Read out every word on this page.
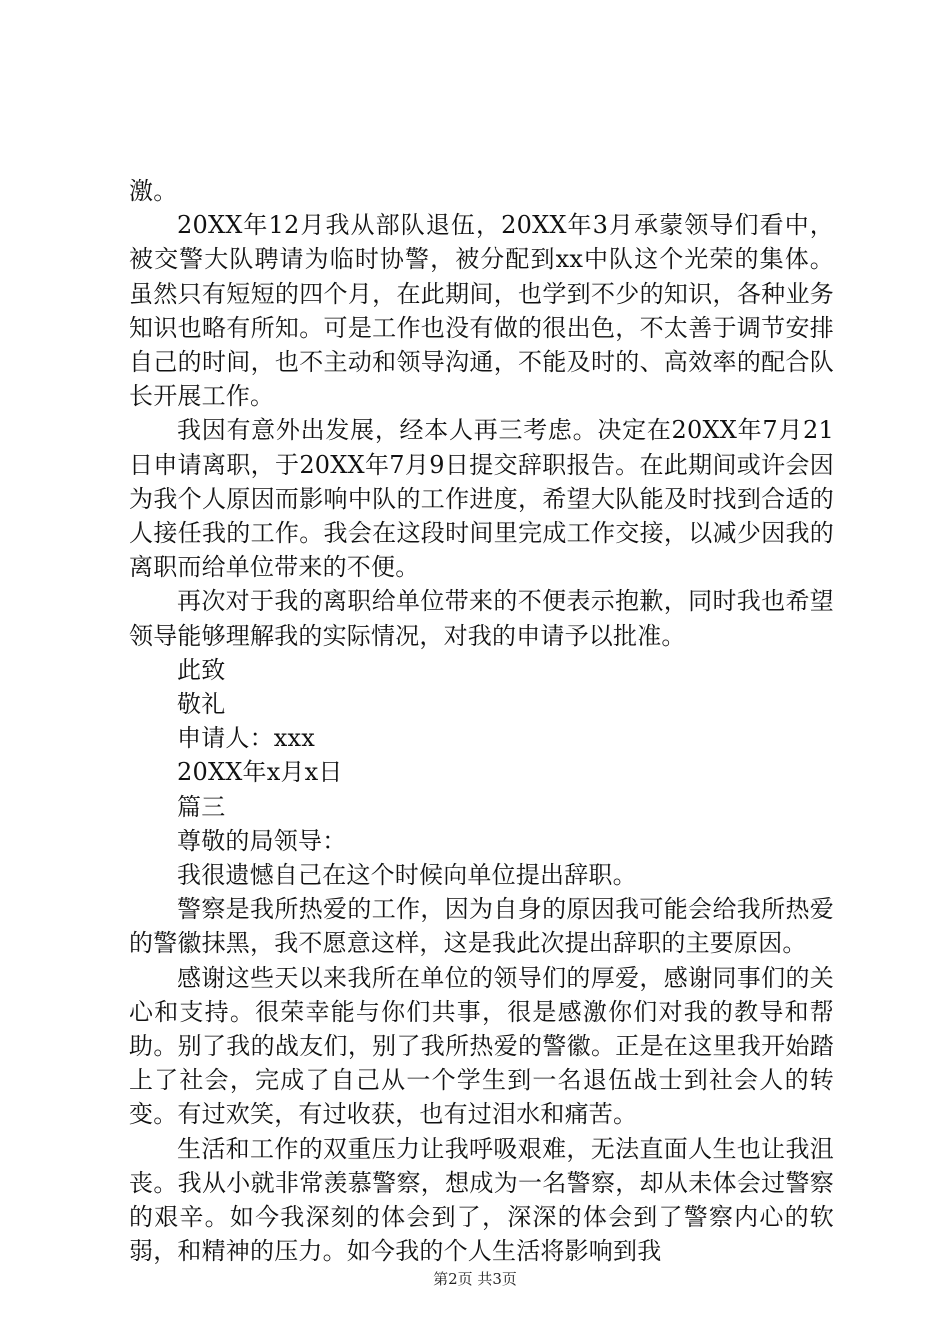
激。

20XX年12月我从部队退伍，20XX年3月承蒙领导们看中，被交警大队聘请为临时协警，被分配到xx中队这个光荣的集体。虽然只有短短的四个月，在此期间，也学到不少的知识，各种业务知识也略有所知。可是工作也没有做的很出色，不太善于调节安排自己的时间，也不主动和领导沟通，不能及时的、高效率的配合队长开展工作。

我因有意外出发展，经本人再三考虑。决定在20XX年7月21日申请离职，于20XX年7月9日提交辞职报告。在此期间或许会因为我个人原因而影响中队的工作进度，希望大队能及时找到合适的人接任我的工作。我会在这段时间里完成工作交接，以减少因我的离职而给单位带来的不便。

再次对于我的离职给单位带来的不便表示抱歉，同时我也希望领导能够理解我的实际情况，对我的申请予以批准。

此致

敬礼

申请人：xxx

20XX年x月x日

篇三

尊敬的局领导：

我很遗憾自己在这个时候向单位提出辞职。

警察是我所热爱的工作，因为自身的原因我可能会给我所热爱的警徽抹黑，我不愿意这样，这是我此次提出辞职的主要原因。

感谢这些天以来我所在单位的领导们的厚爱，感谢同事们的关心和支持。很荣幸能与你们共事，很是感激你们对我的教导和帮助。别了我的战友们，别了我所热爱的警徽。正是在这里我开始踏上了社会，完成了自己从一个学生到一名退伍战士到社会人的转变。有过欢笑，有过收获，也有过泪水和痛苦。

生活和工作的双重压力让我呼吸艰难，无法直面人生也让我沮丧。我从小就非常羡慕警察，想成为一名警察，却从未体会过警察的艰辛。如今我深刻的体会到了，深深的体会到了警察内心的软弱，和精神的压力。如今我的个人生活将影响到我

第2页 共3页
